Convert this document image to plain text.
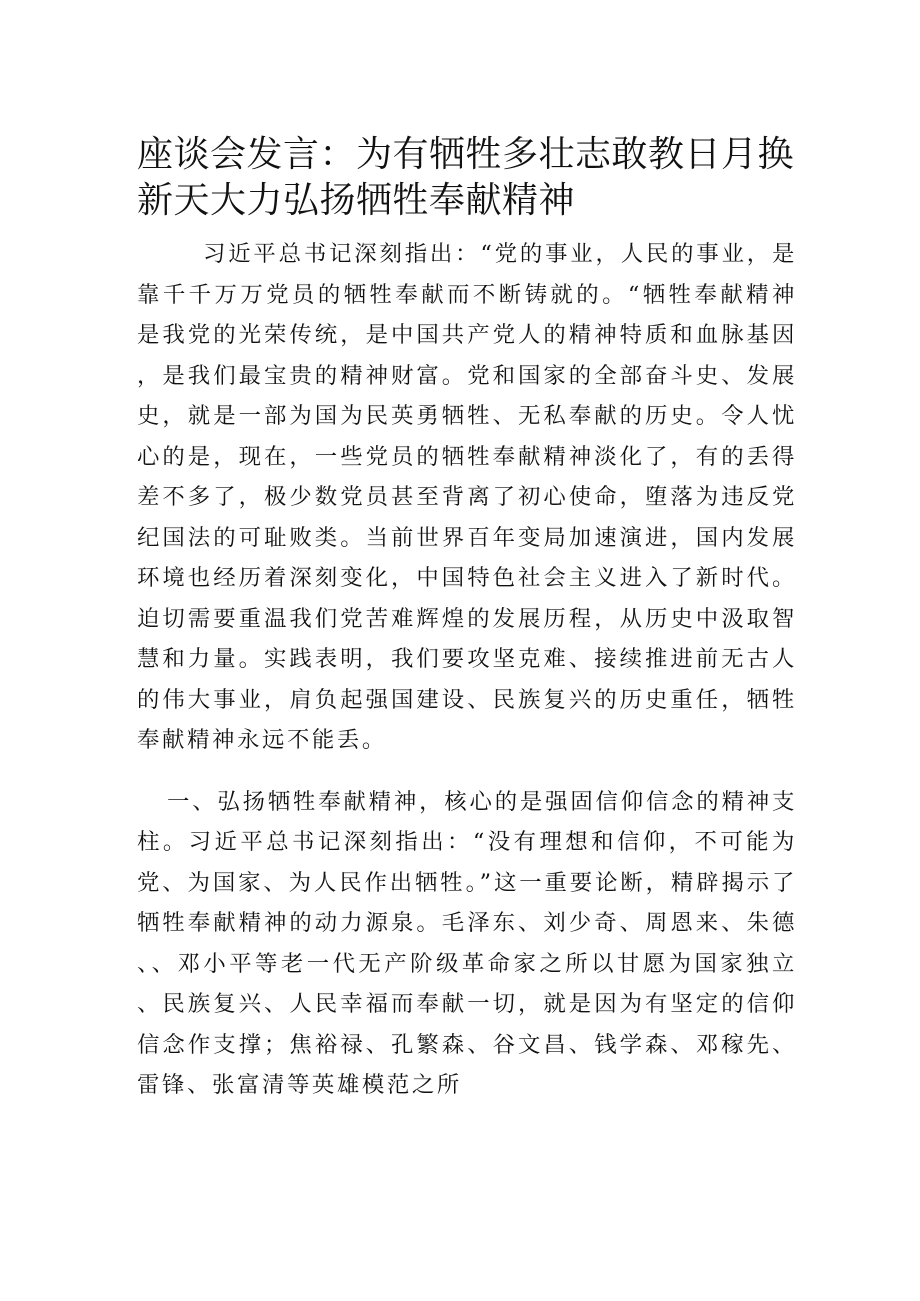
座谈会发言：为有牺牲多壮志敢教日月换新天大力弘扬牺牲奉献精神

习近平总书记深刻指出：“党的事业，人民的事业，是靠千千万万党员的牺牲奉献而不断铸就的。“牺牲奉献精神是我党的光荣传统，是中国共产党人的精神特质和血脉基因，是我们最宝贵的精神财富。党和国家的全部奋斗史、发展史，就是一部为国为民英勇牺牲、无私奉献的历史。令人忧心的是，现在，一些党员的牺牲奉献精神淡化了，有的丢得差不多了，极少数党员甚至背离了初心使命，堕落为违反党纪国法的可耻败类。当前世界百年变局加速演进，国内发展环境也经历着深刻变化，中国特色社会主义进入了新时代。迫切需要重温我们党苦难辉煌的发展历程，从历史中汲取智慧和力量。实践表明，我们要攻坚克难、接续推进前无古人的伟大事业，肩负起强国建设、民族复兴的历史重任，牺牲奉献精神永远不能丢。

一、弘扬牺牲奉献精神，核心的是强固信仰信念的精神支柱。习近平总书记深刻指出：“没有理想和信仰，不可能为党、为国家、为人民作出牺牲。”这一重要论断，精辟揭示了牺牲奉献精神的动力源泉。毛泽东、刘少奇、周恩来、朱德、、邓小平等老一代无产阶级革命家之所以甘愿为国家独立、民族复兴、人民幸福而奉献一切，就是因为有坚定的信仰信念作支撑；焦裕禄、孔繁森、谷文昌、钱学森、邓稼先、雷锋、张富清等英雄模范之所
